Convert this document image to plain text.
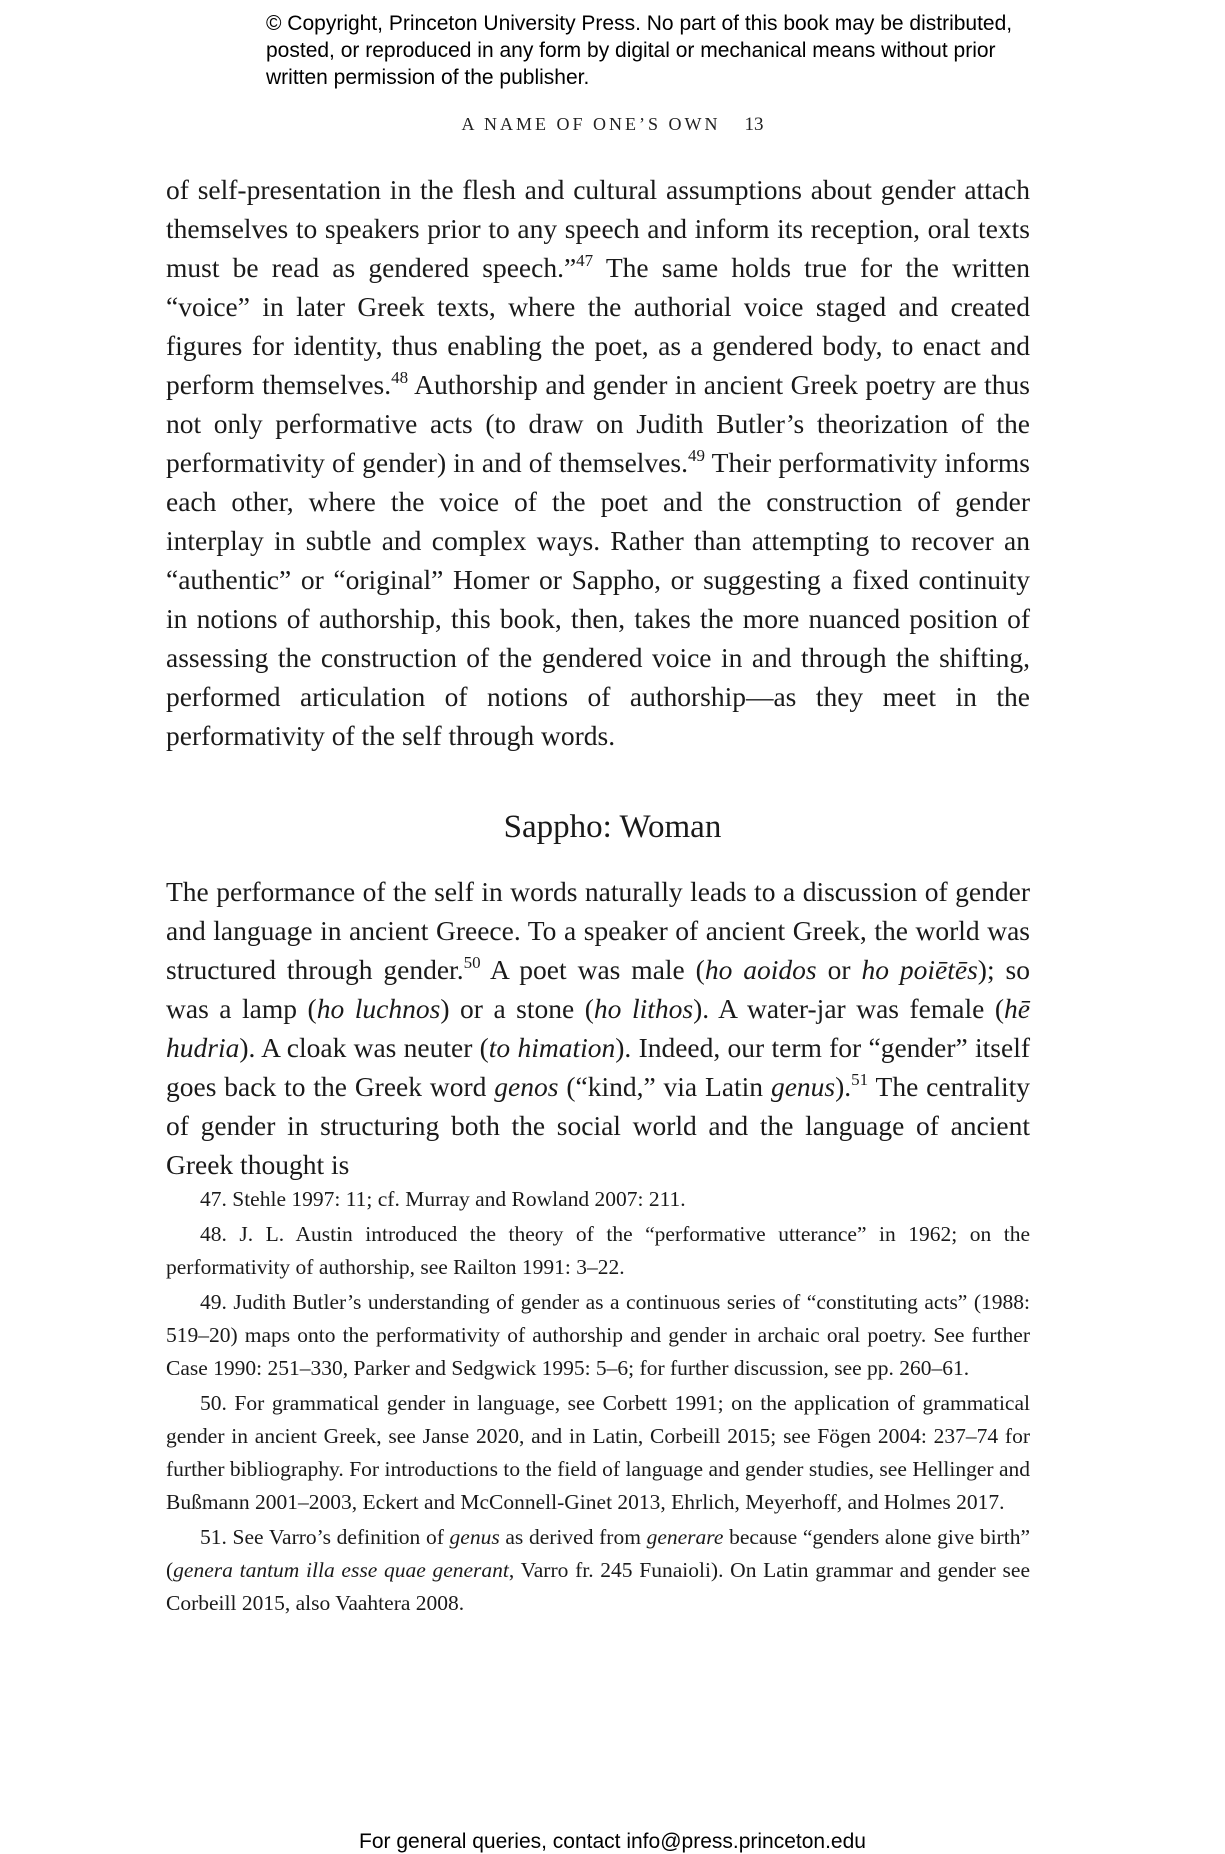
© Copyright, Princeton University Press. No part of this book may be distributed, posted, or reproduced in any form by digital or mechanical means without prior written permission of the publisher.
A NAME OF ONE’S OWN 13

of self-presentation in the flesh and cultural assumptions about gender attach themselves to speakers prior to any speech and inform its reception, oral texts must be read as gendered speech.”$^{47}$ The same holds true for the written “voice” in later Greek texts, where the authorial voice staged and created figures for identity, thus enabling the poet, as a gendered body, to enact and perform themselves.$^{48}$ Authorship and gender in ancient Greek poetry are thus not only performative acts (to draw on Judith Butler’s theorization of the performativity of gender) in and of themselves.$^{49}$ Their performativity informs each other, where the voice of the poet and the construction of gender interplay in subtle and complex ways. Rather than attempting to recover an “authentic” or “original” Homer or Sappho, or suggesting a fixed continuity in notions of authorship, this book, then, takes the more nuanced position of assessing the construction of the gendered voice in and through the shifting, performed articulation of notions of authorship—as they meet in the performativity of the self through words.

Sappho: Woman

The performance of the self in words naturally leads to a discussion of gender and language in ancient Greece. To a speaker of ancient Greek, the world was structured through gender.$^{50}$ A poet was male (ho aoidos or ho poiētēs); so was a lamp (ho luchnos) or a stone (ho lithos). A water-jar was female (hē hudria). A cloak was neuter (to himation). Indeed, our term for “gender” itself goes back to the Greek word genos (“kind,” via Latin genus).$^{51}$ The centrality of gender in structuring both the social world and the language of ancient Greek thought is

47. Stehle 1997: 11; cf. Murray and Rowland 2007: 211.

48. J. L. Austin introduced the theory of the “performative utterance” in 1962; on the performativity of authorship, see Railton 1991: 3–22.

49. Judith Butler’s understanding of gender as a continuous series of “constituting acts” (1988: 519–20) maps onto the performativity of authorship and gender in archaic oral poetry. See further Case 1990: 251–330, Parker and Sedgwick 1995: 5–6; for further discussion, see pp. 260–61.

50. For grammatical gender in language, see Corbett 1991; on the application of grammatical gender in ancient Greek, see Janse 2020, and in Latin, Corbeill 2015; see Fögen 2004: 237–74 for further bibliography. For introductions to the field of language and gender studies, see Hellinger and Bußmann 2001–2003, Eckert and McConnell-Ginet 2013, Ehrlich, Meyerhoff, and Holmes 2017.

51. See Varro’s definition of genus as derived from generare because “genders alone give birth” (genera tantum illa esse quae generant, Varro fr. 245 Funaioli). On Latin grammar and gender see Corbeill 2015, also Vaahtera 2008.

For general queries, contact info@press.princeton.edu
